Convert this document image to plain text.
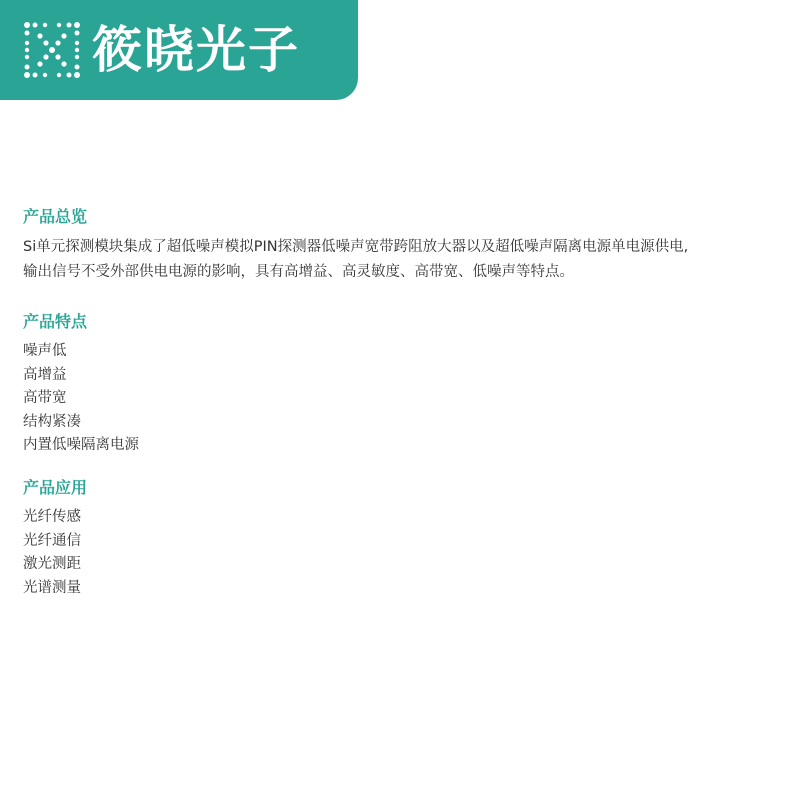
筱晓光子
产品总览

Si单元探测模块集成了超低噪声模拟PIN探测器低噪声宽带跨阻放大器以及超低噪声隔离电源单电源供电,

输出信号不受外部供电电源的影响，具有高增益、高灵敏度、高带宽、低噪声等特点。

产品特点
噪声低
高增益
高带宽
结构紧凑
内置低噪隔离电源
产品应用
光纤传感
光纤通信
激光测距
光谱测量
